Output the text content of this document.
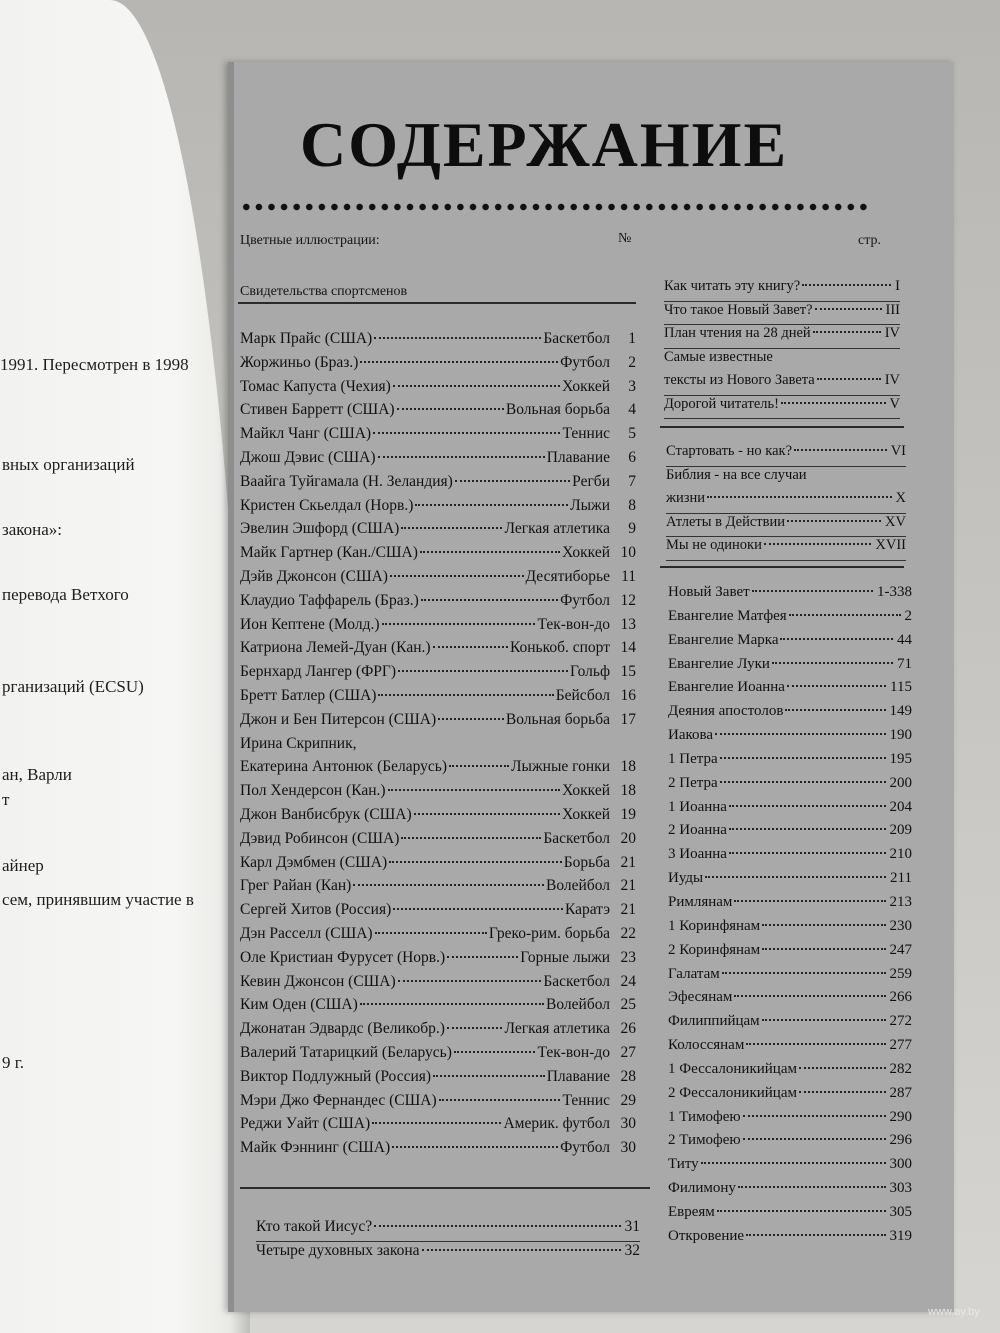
1991. Пересмотрен в 1998
вных организаций
закона»:
перевода Ветхого
рганизаций (ECSU)
ан, Варли
т
айнер
сем, принявшим участие в
9 г.
СОДЕРЖАНИЕ
Цветные иллюстрации:	№	стр.
Свидетельства спортсменов
Марк Прайс (США)	Баскетбол	1
Жоржиньо (Браз.)	Футбол	2
Томас Капуста (Чехия)	Хоккей	3
Стивен Барретт (США)	Вольная борьба	4
Майкл Чанг (США)	Теннис	5
Джош Дэвис (США)	Плавание	6
Ваайга Туйгамала (Н. Зеландия)	Регби	7
Кристен Скьелдал (Норв.)	Лыжи	8
Эвелин Эшфорд (США)	Легкая атлетика	9
Майк Гартнер (Кан./США)	Хоккей 10
Дэйв Джонсон (США)	Десятиборье 11
Клаудио Таффарель (Браз.)	Футбол 12
Ион Кептене (Молд.)	Тек-вон-до 13
Катриона Лемей-Дуан (Кан.)	Конькоб. спорт 14
Бернхард Лангер (ФРГ)	Гольф 15
Бретт Батлер (США)	Бейсбол 16
Джон и Бен Питерсон (США)	Вольная борьба 17
Ирина Скрипник,
Екатерина Антонюк (Беларусь)	Лыжные гонки 18
Пол Хендерсон (Кан.)	Хоккей 18
Джон Ванбисбрук (США)	Хоккей 19
Дэвид Робинсон (США)	Баскетбол 20
Карл Дэмбмен (США)	Борьба 21
Грег Райан (Кан)	Волейбол 21
Сергей Хитов (Россия)	Каратэ 21
Дэн Расселл (США)	Греко-рим. борьба 22
Оле Кристиан Фурусет (Норв.)	Горные лыжи 23
Кевин Джонсон (США)	Баскетбол 24
Ким Оден (США)	Волейбол 25
Джонатан Эдвардс (Великобр.)	Легкая атлетика 26
Валерий Татарицкий (Беларусь)	Тек-вон-до 27
Виктор Подлужный (Россия)	Плавание 28
Мэри Джо Фернандес (США)	Теннис 29
Реджи Уайт (США)	Америк. футбол 30
Майк Фэннинг (США)	Футбол 30
Кто такой Иисус?	31
Четыре духовных закона	32
Как читать эту книгу?	I
Что такое Новый Завет?	III
План чтения на 28 дней	IV
Самые известные
тексты из Нового Завета	IV
Дорогой читатель!	V
Стартовать - но как?	VI
Библия - на все случаи
жизни	X
Атлеты в Действии	XV
Мы не одиноки	XVII
Новый Завет	1-338
Евангелие Матфея	2
Евангелие Марка	44
Евангелие Луки	71
Евангелие Иоанна	115
Деяния апостолов	149
Иакова	190
1 Петра	195
2 Петра	200
1 Иоанна	204
2 Иоанна	209
3 Иоанна	210
Иуды	211
Римлянам	213
1 Коринфянам	230
2 Коринфянам	247
Галатам	259
Эфесянам	266
Филиппийцам	272
Колоссянам	277
1 Фессалоникийцам	282
2 Фессалоникийцам	287
1 Тимофею	290
2 Тимофею	296
Титу	300
Филимону	303
Евреям	305
Откровение	319
www.ay.by
